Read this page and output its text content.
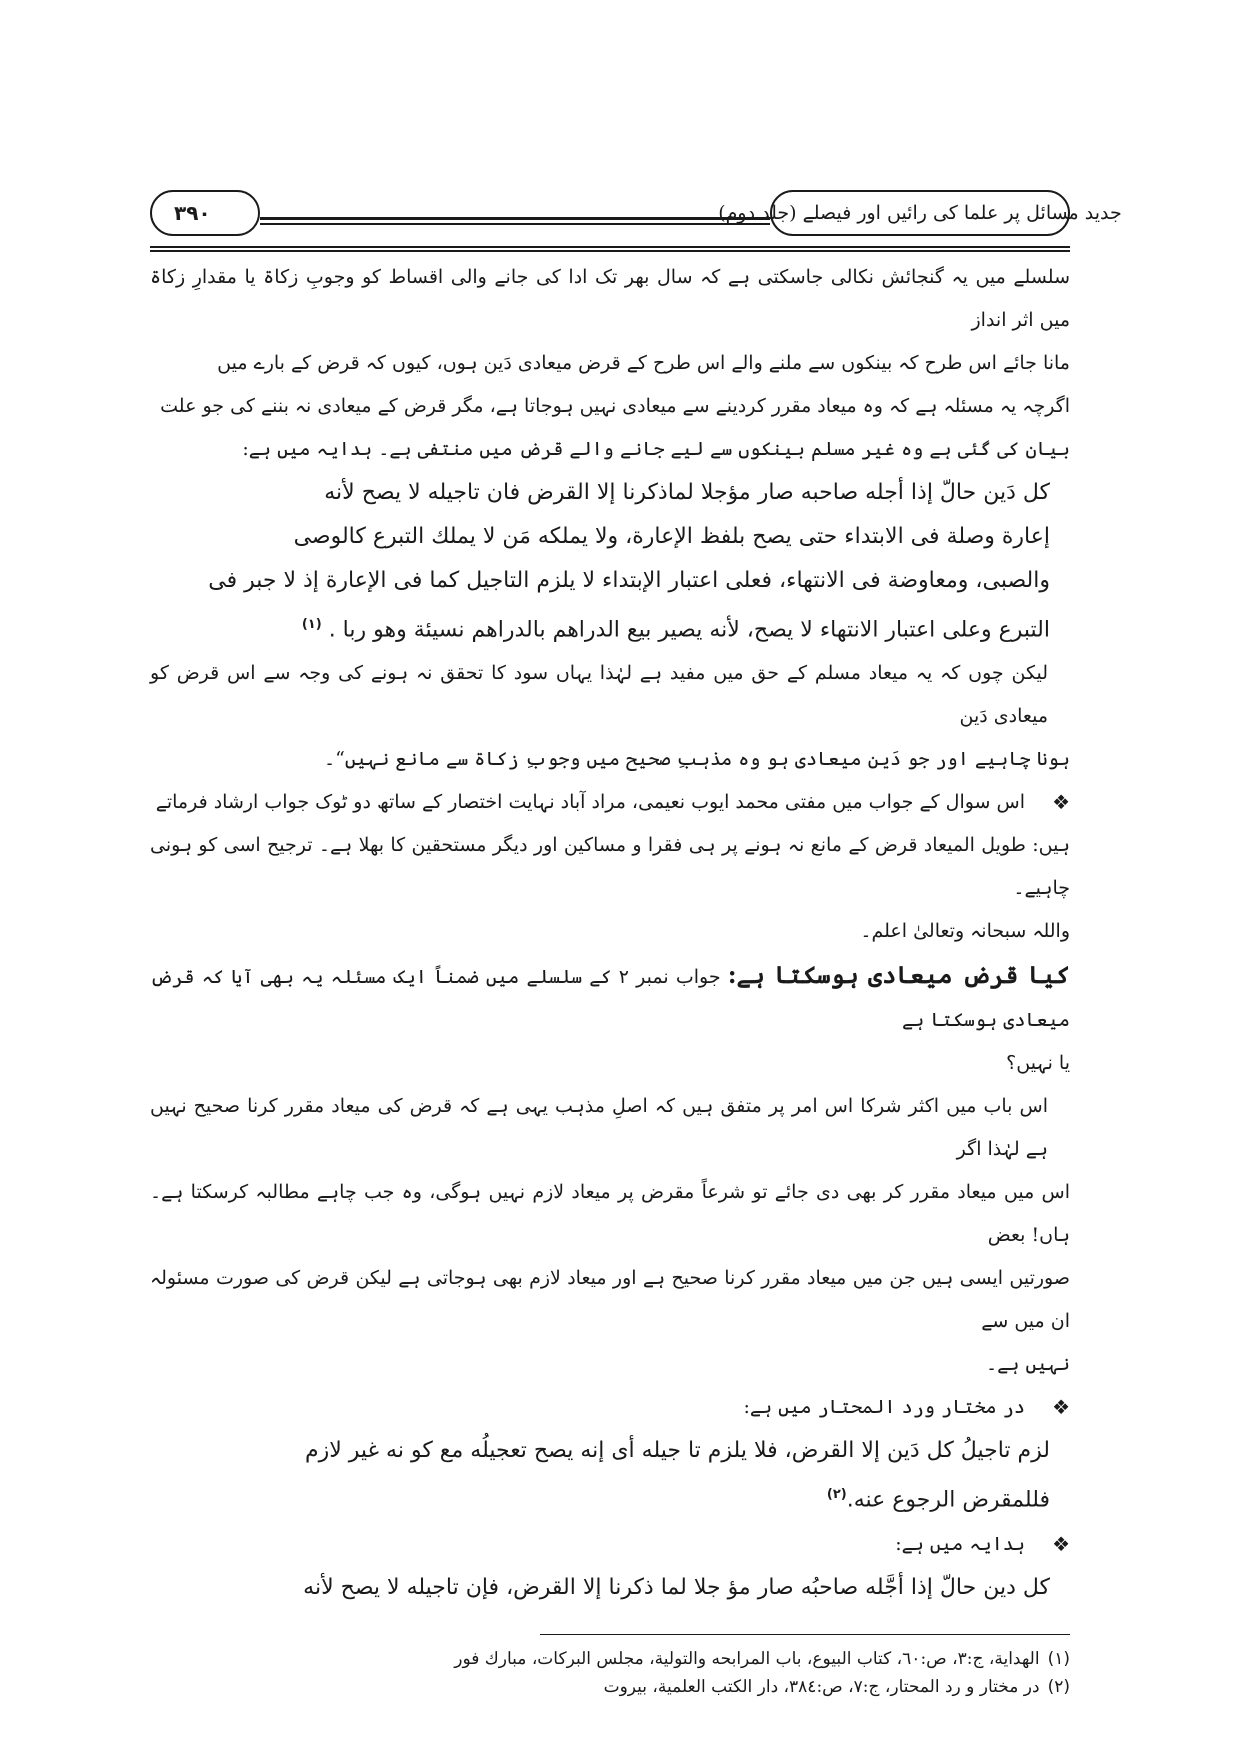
۳۹۰	جدید مسائل پر علما کی رائیں اور فیصلے (جلد دوم)

سلسلے میں یہ گنجائش نکالی جاسکتی ہے کہ سال بھر تک ادا کی جانے والی اقساط کو وجوبِ زکاۃ یا مقدارِ زکاۃ میں اثر انداز

مانا جائے اس طرح کہ بینکوں سے ملنے والے اس طرح کے قرض میعادی دَین ہوں، کیوں کہ قرض کے بارے میں

اگرچہ یہ مسئلہ ہے کہ وہ میعاد مقرر کردینے سے میعادی نہیں ہوجاتا ہے، مگر قرض کے میعادی نہ بننے کی جو علت

بیان کی گئی ہے وہ غیر مسلم بینکوں سے لیے جانے والے قرض میں منتفی ہے۔ ہدایہ میں ہے:

كل دَين حالّ إذا أجله صاحبه صار مؤجلا لماذكرنا إلا القرض فان تاجيله لا يصح لأنه

إعارة وصلة فى الابتداء حتى يصح بلفظ الإعارة، ولا يملكه مَن لا يملك التبرع كالوصى

والصبى، ومعاوضة فى الانتهاء، فعلى اعتبار الإبتداء لا يلزم التاجيل كما فى الإعارة إذ لا جبر فى

التبرع وعلى اعتبار الانتهاء لا يصح، لأنه يصير بيع الدراهم بالدراهم نسيئة وهو ربا . $^{(۱)}$

لیکن چوں کہ یہ میعاد مسلم کے حق میں مفید ہے لہٰذا یہاں سود کا تحقق نہ ہونے کی وجہ سے اس قرض کو میعادی دَین

ہونا چاہیے اور جو دَین میعادی ہو وہ مذہبِ صحیح میں وجوبِ زکاۃ سے مانع نہیں“۔

❖

اس سوال کے جواب میں مفتی محمد ایوب نعیمی، مراد آباد نہایت اختصار کے ساتھ دو ٹوک جواب ارشاد فرماتے

ہیں: طویل المیعاد قرض کے مانع نہ ہونے پر ہی فقرا و مساکین اور دیگر مستحقین کا بھلا ہے۔ ترجیح اسی کو ہونی چاہیے۔

واللہ سبحانہ وتعالیٰ اعلم۔

کیا قرض میعادی ہوسکتا ہے: جواب نمبر ۲ کے سلسلے میں ضمناً ایک مسئلہ یہ بھی آیا کہ قرض میعادی ہوسکتا ہے

یا نہیں؟

اس باب میں اکثر شرکا اس امر پر متفق ہیں کہ اصلِ مذہب یہی ہے کہ قرض کی میعاد مقرر کرنا صحیح نہیں ہے لہٰذا اگر

اس میں میعاد مقرر کر بھی دی جائے تو شرعاً مقرض پر میعاد لازم نہیں ہوگی، وہ جب چاہے مطالبہ کرسکتا ہے۔ ہاں! بعض

صورتیں ایسی ہیں جن میں میعاد مقرر کرنا صحیح ہے اور میعاد لازم بھی ہوجاتی ہے لیکن قرض کی صورت مسئولہ ان میں سے

نہیں ہے۔

❖

در مختار ورد المحتار میں ہے:

لزم تاجيلُ كل دَين إلا القرض، فلا يلزم تا جيله أى إنه يصح تعجيلُه مع كو نه غير لازم

فللمقرض الرجوع عنه.$^{(۲)}$

❖

ہدایہ میں ہے:

كل دين حالّ إذا أجَّله صاحبُه صار مؤ جلا لما ذكرنا إلا القرض، فإن تاجيله لا يصح لأنه

(۱)الهداية، ج:۳، ص:٦٠، كتاب البيوع، باب المرابحه والتولية، مجلس البركات، مبارك فور

(۲)در مختار و رد المحتار، ج:۷، ص:۳۸٤، دار الكتب العلمية، بيروت
